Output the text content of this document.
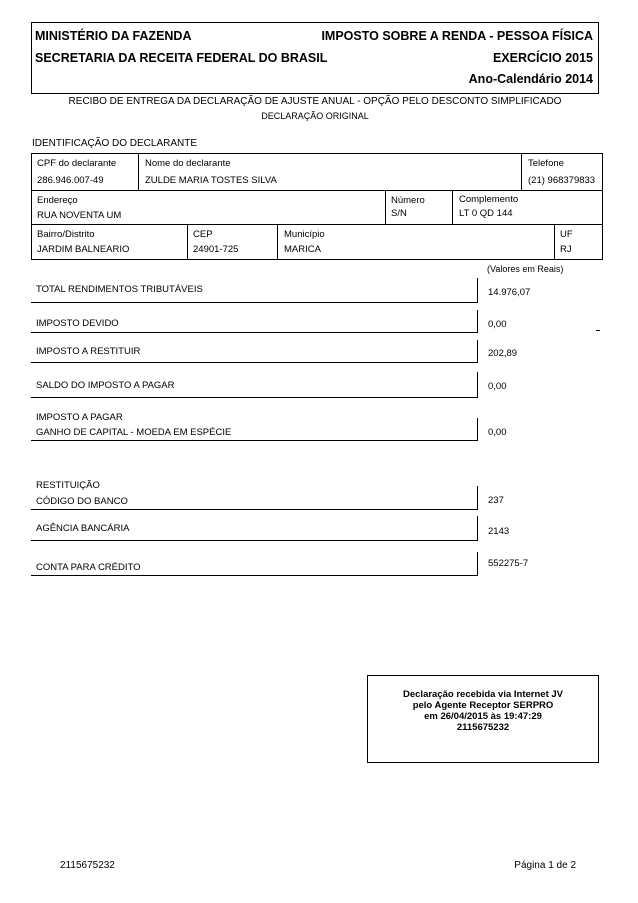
MINISTÉRIO DA FAZENDA	IMPOSTO SOBRE A RENDA - PESSOA FÍSICA
SECRETARIA DA RECEITA FEDERAL DO BRASIL	EXERCÍCIO 2015
Ano-Calendário 2014
RECIBO DE ENTREGA DA DECLARAÇÃO DE AJUSTE ANUAL - OPÇÃO PELO DESCONTO SIMPLIFICADO
DECLARAÇÃO ORIGINAL
IDENTIFICAÇÃO DO DECLARANTE
CPF do declarante
286.946.007-49
Nome do declarante
ZULDE MARIA TOSTES SILVA
Telefone
(21) 968379833
Endereço
RUA NOVENTA UM
Número
S/N
Complemento
LT 0 QD 144
Bairro/Distrito
JARDIM BALNEARIO
CEP
24901-725
Município
MARICA
UF
RJ
(Valores em Reais)
TOTAL RENDIMENTOS TRIBUTÁVEIS	14.976,07
IMPOSTO DEVIDO	0,00
IMPOSTO A RESTITUIR	202,89
SALDO DO IMPOSTO A PAGAR	0,00
IMPOSTO A PAGAR
GANHO DE CAPITAL - MOEDA EM ESPÉCIE	0,00
RESTITUIÇÃO
CÓDIGO DO BANCO	237
AGÊNCIA BANCÁRIA	2143
CONTA PARA CRÉDITO	552275-7
Declaração recebida via Internet JV
pelo Agente Receptor SERPRO
em 26/04/2015 às 19:47:29
2115675232
2115675232	Página 1 de 2
